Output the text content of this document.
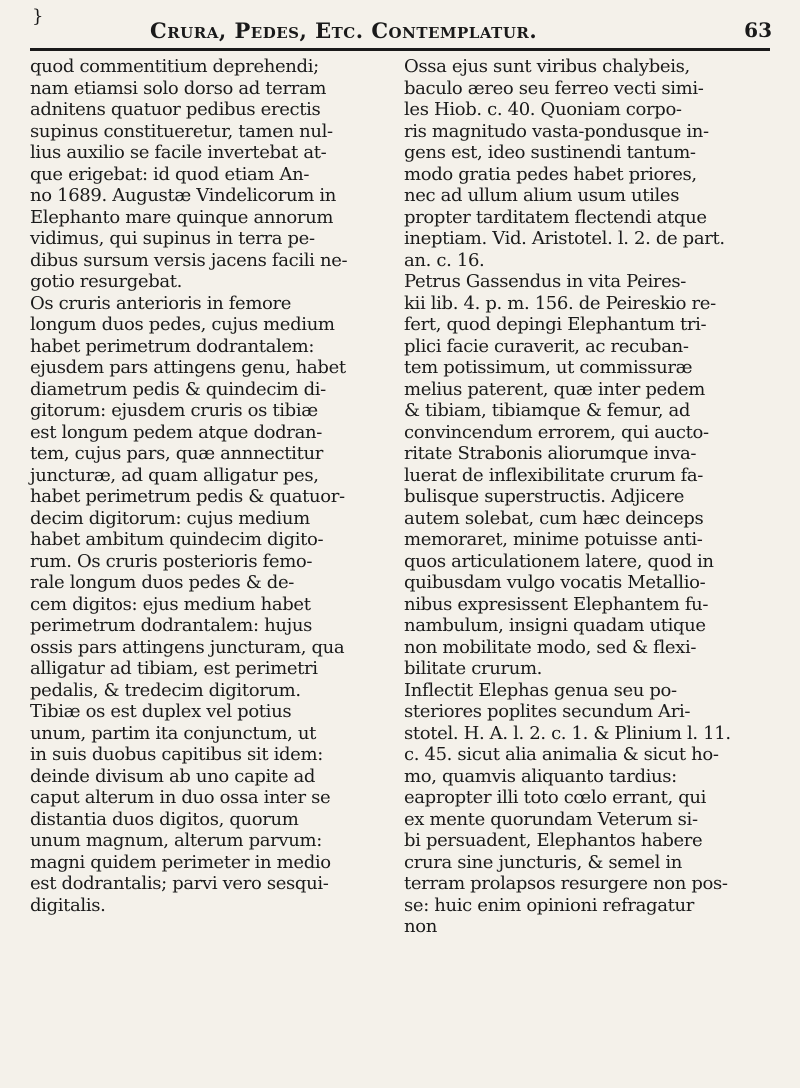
}
Crura, Pedes, Etc. Contemplatur.	63
quod commentitium deprehendi;
nam etiamsi solo dorso ad terram
adnitens quatuor pedibus erectis
supinus constitueretur, tamen nul-
lius auxilio se facile invertebat at-
que erigebat: id quod etiam An-
no 1689. Augustæ Vindelicorum in
Elephanto mare quinque annorum
vidimus, qui supinus in terra pe-
dibus sursum versis jacens facili ne-
gotio resurgebat.
Os cruris anterioris in femore
longum duos pedes, cujus medium
habet perimetrum dodrantalem:
ejusdem pars attingens genu, habet
diametrum pedis & quindecim di-
gitorum: ejusdem cruris os tibiæ
est longum pedem atque dodran-
tem, cujus pars, quæ annnectitur
juncturæ, ad quam alligatur pes,
habet perimetrum pedis & quatuor-
decim digitorum: cujus medium
habet ambitum quindecim digito-
rum. Os cruris posterioris femo-
rale longum duos pedes & de-
cem digitos: ejus medium habet
perimetrum dodrantalem: hujus
ossis pars attingens juncturam, qua
alligatur ad tibiam, est perimetri
pedalis, & tredecim digitorum.
Tibiæ os est duplex vel potius
unum, partim ita conjunctum, ut
in suis duobus capitibus sit idem:
deinde divisum ab uno capite ad
caput alterum in duo ossa inter se
distantia duos digitos, quorum
unum magnum, alterum parvum:
magni quidem perimeter in medio
est dodrantalis; parvi vero sesqui-
digitalis.
Ossa ejus sunt viribus chalybeis,
baculo æreo seu ferreo vecti simi-
les Hiob. c. 40. Quoniam corpo-
ris magnitudo vasta-pondusque in-
gens est, ideo sustinendi tantum-
modo gratia pedes habet priores,
nec ad ullum alium usum utiles
propter tarditatem flectendi atque
ineptiam. Vid. Aristotel. l. 2. de part.
an. c. 16.
Petrus Gassendus in vita Peires-
kii lib. 4. p. m. 156. de Peireskio re-
fert, quod depingi Elephantum tri-
plici facie curaverit, ac recuban-
tem potissimum, ut commissuræ
melius paterent, quæ inter pedem
& tibiam, tibiamque & femur, ad
convincendum errorem, qui aucto-
ritate Strabonis aliorumque inva-
luerat de inflexibilitate crurum fa-
bulisque superstructis. Adjicere
autem solebat, cum hæc deinceps
memoraret, minime potuisse anti-
quos articulationem latere, quod in
quibusdam vulgo vocatis Metallio-
nibus expresissent Elephantem fu-
nambulum, insigni quadam utique
non mobilitate modo, sed & flexi-
bilitate crurum.
Inflectit Elephas genua seu po-
steriores poplites secundum Ari-
stotel. H. A. l. 2. c. 1. & Plinium l. 11.
c. 45. sicut alia animalia & sicut ho-
mo, quamvis aliquanto tardius:
eapropter illi toto cœlo errant, qui
ex mente quorundam Veterum si-
bi persuadent, Elephantos habere
crura sine juncturis, & semel in
terram prolapsos resurgere non pos-
se: huic enim opinioni refragatur
non
